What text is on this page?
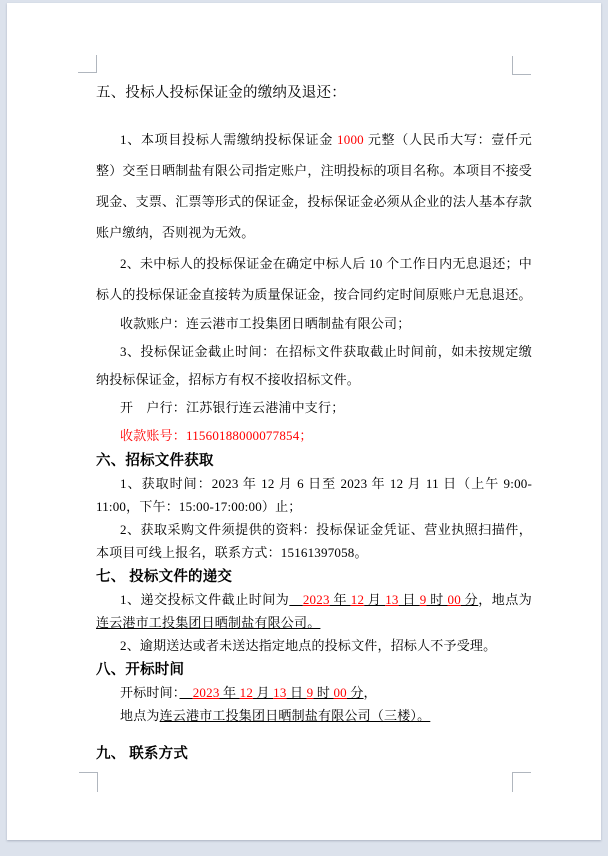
五、投标人投标保证金的缴纳及退还：

1、本项目投标人需缴纳投标保证金 1000 元整（人民币大写：壹仟元整）交至日晒制盐有限公司指定账户，注明投标的项目名称。本项目不接受现金、支票、汇票等形式的保证金，投标保证金必须从企业的法人基本存款账户缴纳，否则视为无效。

2、未中标人的投标保证金在确定中标人后 10 个工作日内无息退还；中标人的投标保证金直接转为质量保证金，按合同约定时间原账户无息退还。

收款账户：连云港市工投集团日晒制盐有限公司；

3、投标保证金截止时间：在招标文件获取截止时间前，如未按规定缴纳投标保证金，招标方有权不接收招标文件。

开　户行：江苏银行连云港浦中支行；

收款账号：11560188000077854；

六、招标文件获取

1、获取时间：2023 年 12 月 6 日至 2023 年 12 月 11 日（上午 9:00-11:00，下午：15:00-17:00:00）止；

2、获取采购文件须提供的资料：投标保证金凭证、营业执照扫描件，本项目可线上报名，联系方式：15161397058。

七、 投标文件的递交

1、递交投标文件截止时间为　 2023 年 12 月 13 日 9 时 00 分，地点为连云港市工投集团日晒制盐有限公司。

2、逾期送达或者未送达指定地点的投标文件，招标人不予受理。

八、开标时间

开标时间：　 2023 年 12 月 13 日 9 时 00 分，

地点为连云港市工投集团日晒制盐有限公司（三楼）。

九、 联系方式
